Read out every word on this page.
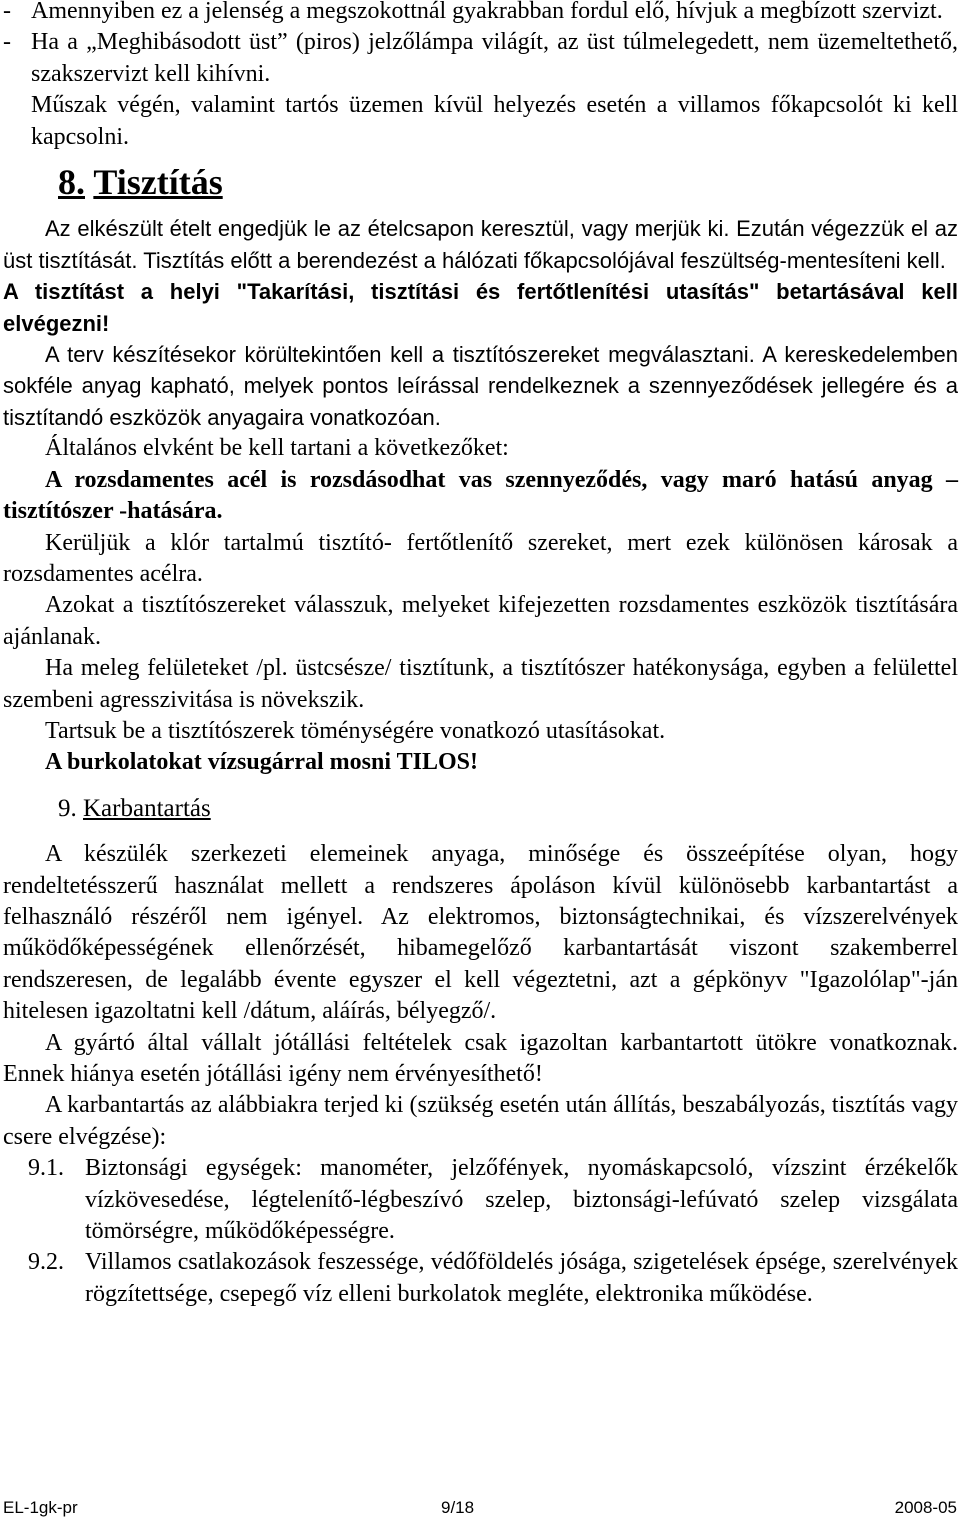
- Amennyiben ez a jelenség a megszokottnál gyakrabban fordul elő, hívjuk a megbízott szervizt.
- Ha a „Meghibásodott üst” (piros) jelzőlámpa világít, az üst túlmelegedett, nem üzemeltethető, szakszervizt kell kihívni.
Műszak végén, valamint tartós üzemen kívül helyezés esetén a villamos főkapcsolót ki kell kapcsolni.
8. Tisztítás

Az elkészült ételt engedjük le az ételcsapon keresztül, vagy merjük ki. Ezután végezzük el az üst tisztítását. Tisztítás előtt a berendezést a hálózati főkapcsolójával feszültség-mentesíteni kell.

A tisztítást a helyi "Takarítási, tisztítási és fertőtlenítési utasítás" betartásával kell elvégezni!

A terv készítésekor körültekintően kell a tisztítószereket megválasztani. A kereskedelemben sokféle anyag kapható, melyek pontos leírással rendelkeznek a szennyeződések jellegére és a tisztítandó eszközök anyagaira vonatkozóan.

Általános elvként be kell tartani a következőket:

A rozsdamentes acél is rozsdásodhat vas szennyeződés, vagy maró hatású anyag – tisztítószer -hatására.

Kerüljük a klór tartalmú tisztító- fertőtlenítő szereket, mert ezek különösen károsak a rozsdamentes acélra.

Azokat a tisztítószereket válasszuk, melyeket kifejezetten rozsdamentes eszközök tisztítására ajánlanak.

Ha meleg felületeket /pl. üstcsésze/ tisztítunk, a tisztítószer hatékonysága, egyben a felülettel szembeni agresszivitása is növekszik.

Tartsuk be a tisztítószerek töménységére vonatkozó utasításokat.

A burkolatokat vízsugárral mosni TILOS!

9. Karbantartás

A készülék szerkezeti elemeinek anyaga, minősége és összeépítése olyan, hogy rendeltetésszerű használat mellett a rendszeres ápoláson kívül különösebb karbantartást a felhasználó részéről nem igényel. Az elektromos, biztonságtechnikai, és vízszerelvények működőképességének ellenőrzését, hibamegelőző karbantartását viszont szakemberrel rendszeresen, de legalább évente egyszer el kell végeztetni, azt a gépkönyv "Igazolólap"-ján hitelesen igazoltatni kell /dátum, aláírás, bélyegző/.

A gyártó által vállalt jótállási feltételek csak igazoltan karbantartott ütökre vonatkoznak. Ennek hiánya esetén jótállási igény nem érvényesíthető!

A karbantartás az alábbiakra terjed ki (szükség esetén után állítás, beszabályozás, tisztítás vagy csere elvégzése):

9.1. Biztonsági egységek: manométer, jelzőfények, nyomáskapcsoló, vízszint érzékelők vízkövesedése, légtelenítő-légbeszívó szelep, biztonsági-lefúvató szelep vizsgálata tömörségre, működőképességre.
9.2. Villamos csatlakozások feszessége, védőföldelés jósága, szigetelések épsége, szerelvények rögzítettsége, csepegő víz elleni burkolatok megléte, elektronika működése.
EL-1gk-pr	9/18	2008-05
